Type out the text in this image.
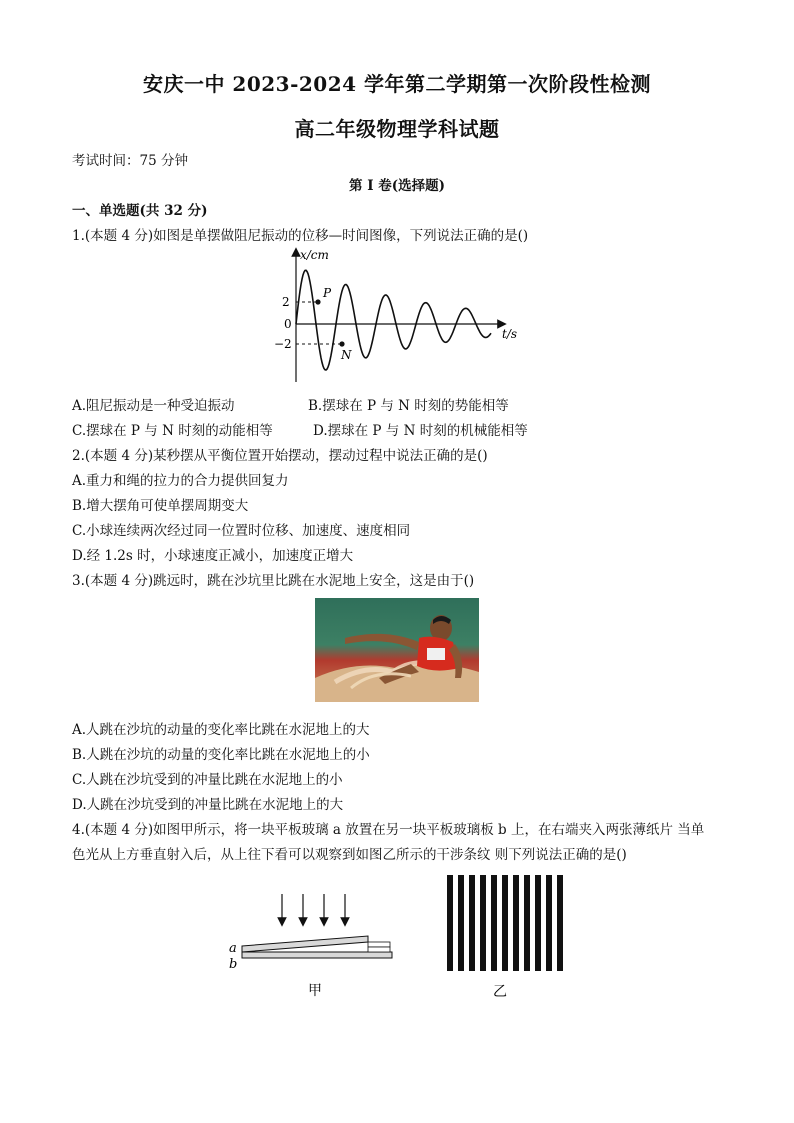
安庆一中 2023-2024 学年第二学期第一次阶段性检测
高二年级物理学科试题
考试时间：75 分钟
第 I 卷(选择题)
一、单选题(共 32 分)
1.(本题 4 分)如图是单摆做阻尼振动的位移—时间图像，下列说法正确的是()
x/cm
t/s
2
−2
0
P
N
A.阻尼振动是一种受迫振动	B.摆球在 P 与 N 时刻的势能相等
C.摆球在 P 与 N 时刻的动能相等	D.摆球在 P 与 N 时刻的机械能相等
2.(本题 4 分)某秒摆从平衡位置开始摆动，摆动过程中说法正确的是()
A.重力和绳的拉力的合力提供回复力
B.增大摆角可使单摆周期变大
C.小球连续两次经过同一位置时位移、加速度、速度相同
D.经 1.2s 时，小球速度正减小，加速度正增大
3.(本题 4 分)跳远时，跳在沙坑里比跳在水泥地上安全，这是由于()
A.人跳在沙坑的动量的变化率比跳在水泥地上的大
B.人跳在沙坑的动量的变化率比跳在水泥地上的小
C.人跳在沙坑受到的冲量比跳在水泥地上的小
D.人跳在沙坑受到的冲量比跳在水泥地上的大
4.(本题 4 分)如图甲所示，将一块平板玻璃 a 放置在另一块平板玻璃板 b 上，在右端夹入两张薄纸片 当单
色光从上方垂直射入后，从上往下看可以观察到如图乙所示的干涉条纹 则下列说法正确的是()
a
b
甲	乙
